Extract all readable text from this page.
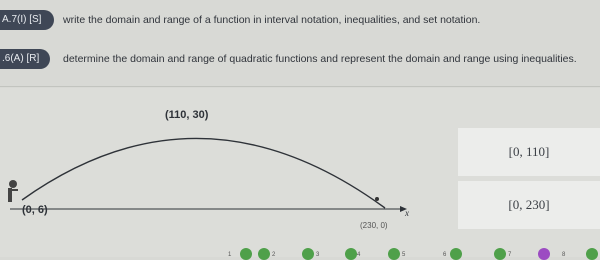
A.7(I) [S]	write the domain and range of a function in interval notation, inequalities, and set notation.
.6(A) [R]	determine the domain and range of quadratic functions and represent the domain and range using inequalities.
(110, 30)
(0, 6)	x
(230, 0)
[0, 110]
[0, 230]
1	2	3	4	5	6	7	8
